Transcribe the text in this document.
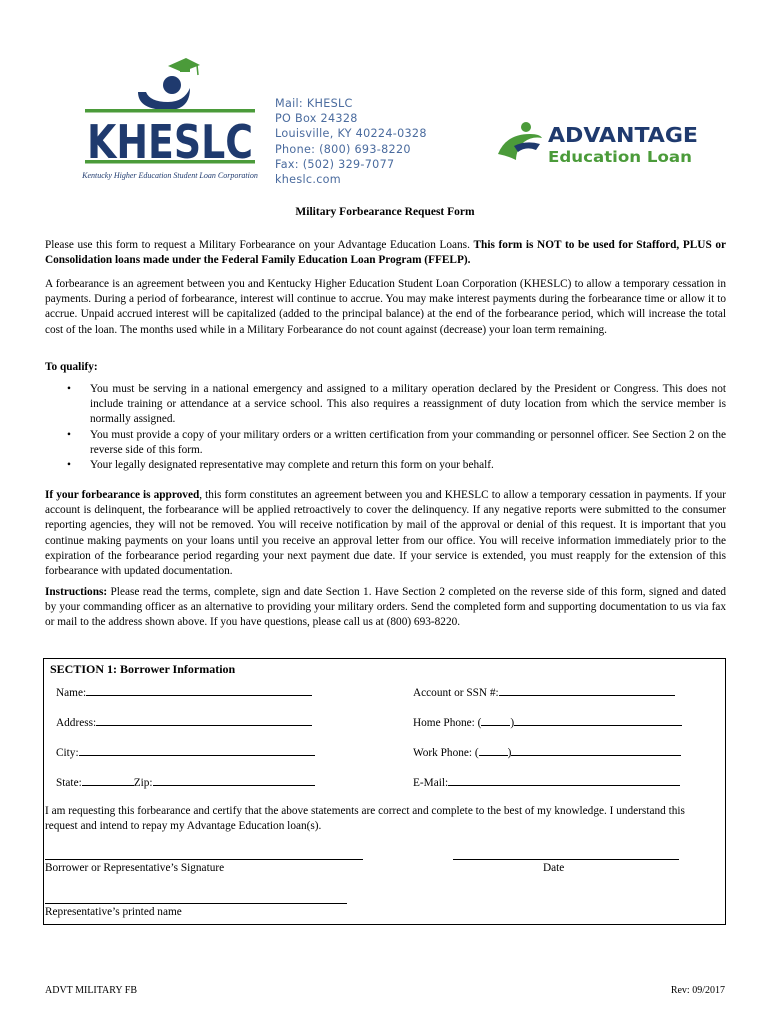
KHESLC
Kentucky Higher Education Student Loan Corporation
Mail: KHESLC
PO Box 24328
Louisville, KY 40224-0328
Phone: (800) 693-8220
Fax: (502) 329-7077
kheslc.com
ADVANTAGE
Education Loan
Military Forbearance Request Form
Please use this form to request a Military Forbearance on your Advantage Education Loans. This form is NOT to be used for Stafford, PLUS or Consolidation loans made under the Federal Family Education Loan Program (FFELP).
A forbearance is an agreement between you and Kentucky Higher Education Student Loan Corporation (KHESLC) to allow a temporary cessation in payments. During a period of forbearance, interest will continue to accrue. You may make interest payments during the forbearance time or allow it to accrue. Unpaid accrued interest will be capitalized (added to the principal balance) at the end of the forbearance period, which will increase the total cost of the loan. The months used while in a Military Forbearance do not count against (decrease) your loan term remaining.
To qualify:
• You must be serving in a national emergency and assigned to a military operation declared by the President or Congress. This does not include training or attendance at a service school. This also requires a reassignment of duty location from which the service member is normally assigned.
• You must provide a copy of your military orders or a written certification from your commanding or personnel officer. See Section 2 on the reverse side of this form.
• Your legally designated representative may complete and return this form on your behalf.
If your forbearance is approved, this form constitutes an agreement between you and KHESLC to allow a temporary cessation in payments. If your account is delinquent, the forbearance will be applied retroactively to cover the delinquency. If any negative reports were submitted to the consumer reporting agencies, they will not be removed. You will receive notification by mail of the approval or denial of this request. It is important that you continue making payments on your loans until you receive an approval letter from our office. You will receive information immediately prior to the expiration of the forbearance period regarding your next payment due date. If your service is extended, you must reapply for the extension of this forbearance with updated documentation.
Instructions: Please read the terms, complete, sign and date Section 1. Have Section 2 completed on the reverse side of this form, signed and dated by your commanding officer as an alternative to providing your military orders. Send the completed form and supporting documentation to us via fax or mail to the address shown above. If you have questions, please call us at (800) 693-8220.
SECTION 1: Borrower Information
Name:	Account or SSN #:
Address:	Home Phone: (	)
City:	Work Phone: (	)
State:	Zip:	E-Mail:
I am requesting this forbearance and certify that the above statements are correct and complete to the best of my knowledge. I understand this request and intend to repay my Advantage Education loan(s).
Borrower or Representative’s Signature	Date
Representative’s printed name
ADVT MILITARY FB	Rev: 09/2017
